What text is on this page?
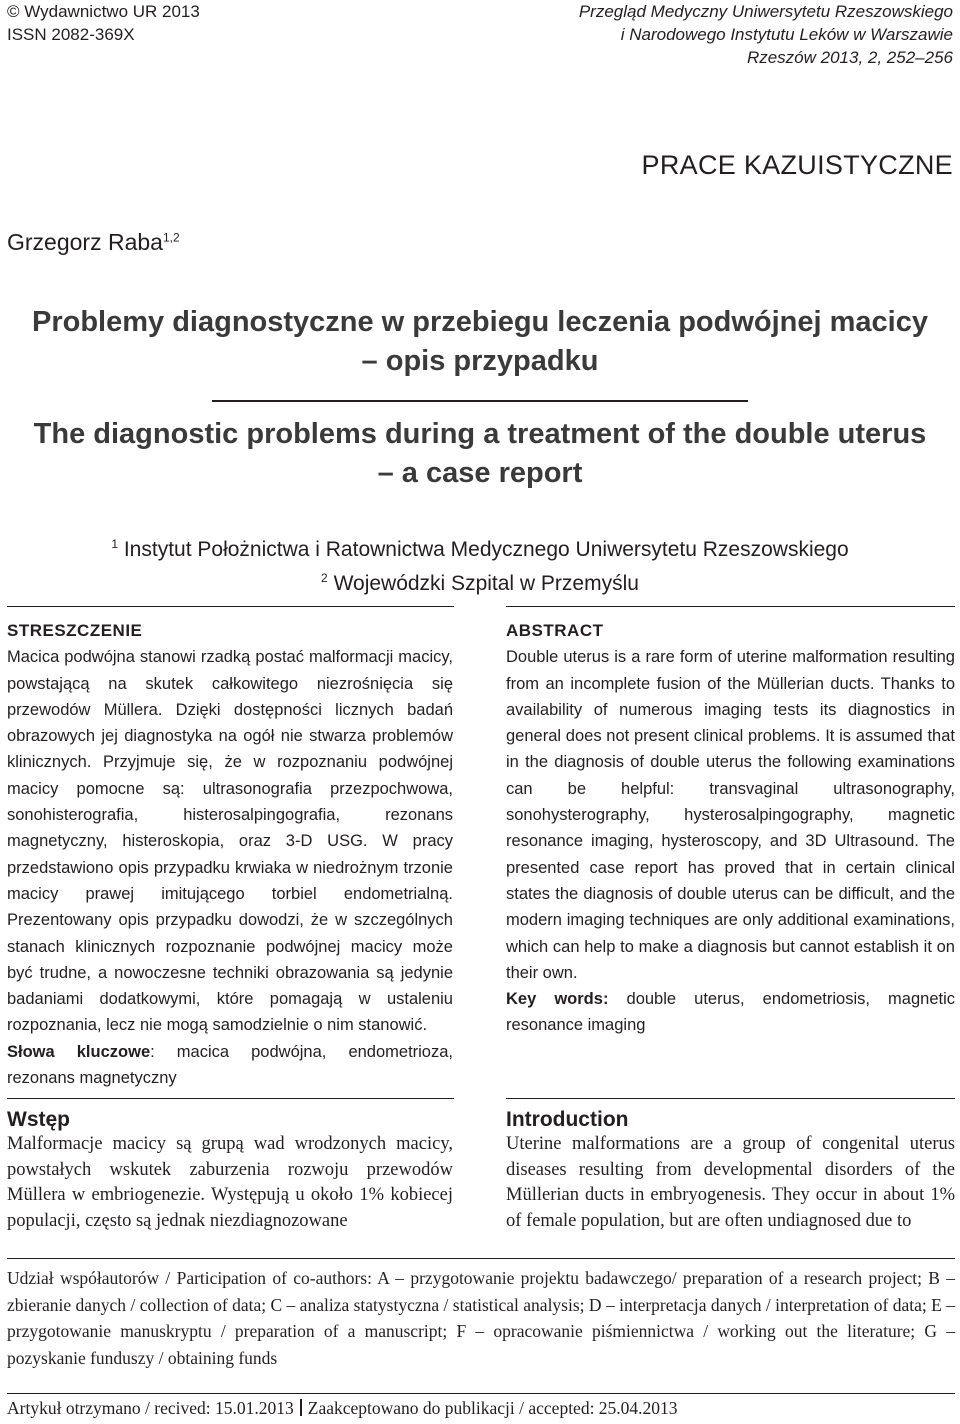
© Wydawnictwo UR 2013
ISSN 2082-369X
Przegląd Medyczny Uniwersytetu Rzeszowskiego
i Narodowego Instytutu Leków w Warszawie
Rzeszów 2013, 2, 252–256
PRACE KAZUISTYCZNE
Grzegorz Raba$^{1,2}$
Problemy diagnostyczne w przebiegu leczenia podwójnej macicy
– opis przypadku
The diagnostic problems during a treatment of the double uterus
– a case report
$^1$ Instytut Położnictwa i Ratownictwa Medycznego Uniwersytetu Rzeszowskiego
$^2$ Wojewódzki Szpital w Przemyślu
STRESZCZENIE
Macica podwójna stanowi rzadką postać malformacji macicy, powstającą na skutek całkowitego niezrośnięcia się przewodów Müllera. Dzięki dostępności licznych badań obrazowych jej diagnostyka na ogół nie stwarza problemów klinicznych. Przyjmuje się, że w rozpoznaniu podwójnej macicy pomocne są: ultrasonografia przezpochwowa, sonohisterografia, histerosalpingografia, rezonans magnetyczny, histeroskopia, oraz 3-D USG. W pracy przedstawiono opis przypadku krwiaka w niedrożnym trzonie macicy prawej imitującego torbiel endometrialną. Prezentowany opis przypadku dowodzi, że w szczególnych stanach klinicznych rozpoznanie podwójnej macicy może być trudne, a nowoczesne techniki obrazowania są jedynie badaniami dodatkowymi, które pomagają w ustaleniu rozpoznania, lecz nie mogą samodzielnie o nim stanowić.
Słowa kluczowe: macica podwójna, endometrioza, rezonans magnetyczny
ABSTRACT
Double uterus is a rare form of uterine malformation resulting from an incomplete fusion of the Müllerian ducts. Thanks to availability of numerous imaging tests its diagnostics in general does not present clinical problems. It is assumed that in the diagnosis of double uterus the following examinations can be helpful: transvaginal ultrasonography, sonohysterography, hysterosalpingography, magnetic resonance imaging, hysteroscopy, and 3D Ultrasound. The presented case report has proved that in certain clinical states the diagnosis of double uterus can be difficult, and the modern imaging techniques are only additional examinations, which can help to make a diagnosis but cannot establish it on their own.
Key words: double uterus, endometriosis, magnetic resonance imaging
Wstęp
Malformacje macicy są grupą wad wrodzonych macicy, powstałych wskutek zaburzenia rozwoju przewodów Müllera w embriogenezie. Występują u około 1% kobiecej populacji, często są jednak niezdiagnozowane
Introduction
Uterine malformations are a group of congenital uterus diseases resulting from developmental disorders of the Müllerian ducts in embryogenesis. They occur in about 1% of female population, but are often undiagnosed due to
Udział współautorów / Participation of co-authors: A – przygotowanie projektu badawczego/ preparation of a research project; B – zbieranie danych / collection of data; C – analiza statystyczna / statistical analysis; D – interpretacja danych / interpretation of data; E – przygotowanie manuskryptu / preparation of a manuscript; F – opracowanie piśmiennictwa / working out the literature; G – pozyskanie funduszy / obtaining funds
Artykuł otrzymano / recived: 15.01.2013 Zaakceptowano do publikacji / accepted: 25.04.2013
